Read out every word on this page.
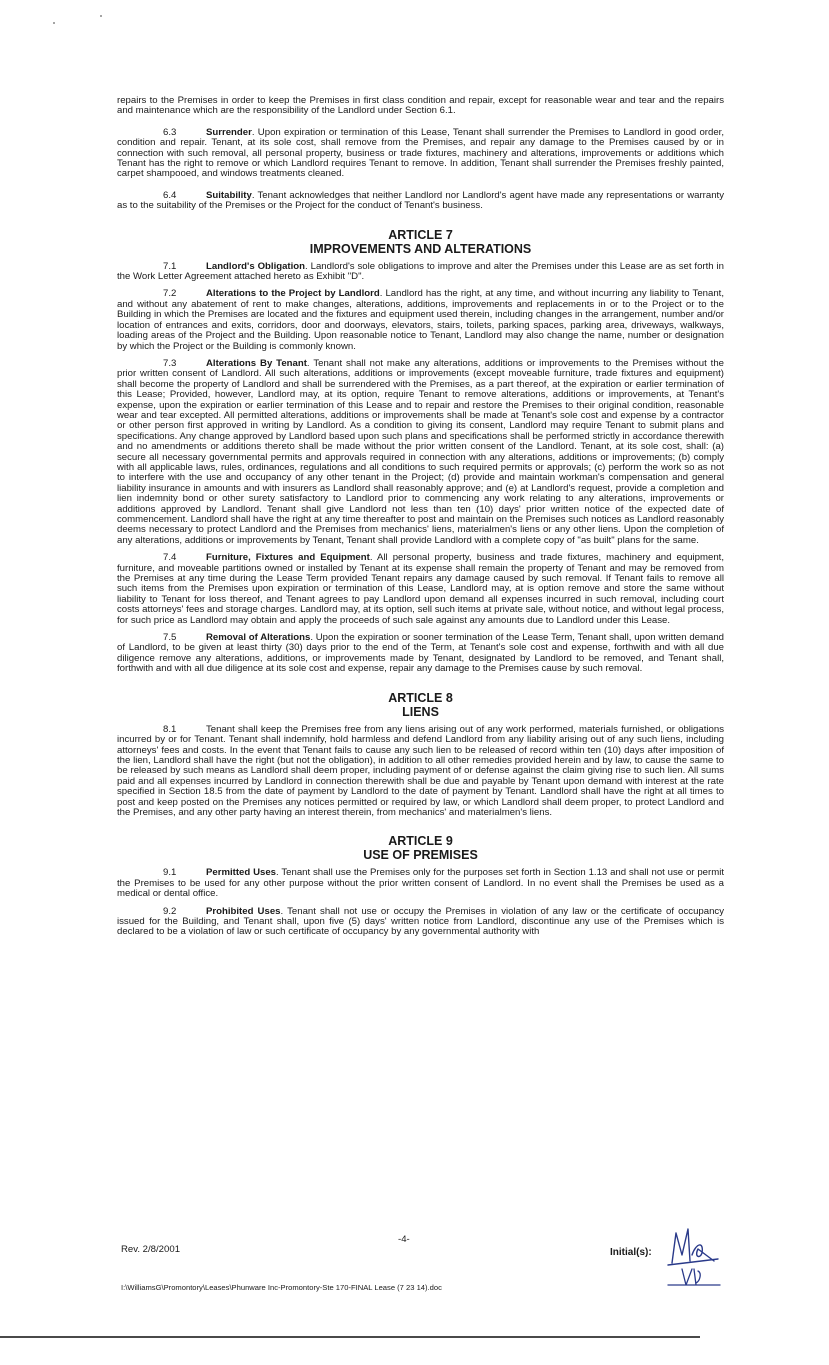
repairs to the Premises in order to keep the Premises in first class condition and repair, except for reasonable wear and tear and the repairs and maintenance which are the responsibility of the Landlord under Section 6.1.

6.3	Surrender. Upon expiration or termination of this Lease, Tenant shall surrender the Premises to Landlord in good order, condition and repair. Tenant, at its sole cost, shall remove from the Premises, and repair any damage to the Premises caused by or in connection with such removal, all personal property, business or trade fixtures, machinery and alterations, improvements or additions which Tenant has the right to remove or which Landlord requires Tenant to remove. In addition, Tenant shall surrender the Premises freshly painted, carpet shampooed, and windows treatments cleaned.

6.4	Suitability. Tenant acknowledges that neither Landlord nor Landlord's agent have made any representations or warranty as to the suitability of the Premises or the Project for the conduct of Tenant's business.

ARTICLE 7
IMPROVEMENTS AND ALTERATIONS

7.1	Landlord's Obligation. Landlord's sole obligations to improve and alter the Premises under this Lease are as set forth in the Work Letter Agreement attached hereto as Exhibit "D".

7.2	Alterations to the Project by Landlord. Landlord has the right, at any time, and without incurring any liability to Tenant, and without any abatement of rent to make changes, alterations, additions, improvements and replacements in or to the Project or to the Building in which the Premises are located and the fixtures and equipment used therein, including changes in the arrangement, number and/or location of entrances and exits, corridors, door and doorways, elevators, stairs, toilets, parking spaces, parking area, driveways, walkways, loading areas of the Project and the Building. Upon reasonable notice to Tenant, Landlord may also change the name, number or designation by which the Project or the Building is commonly known.

7.3	Alterations By Tenant. Tenant shall not make any alterations, additions or improvements to the Premises without the prior written consent of Landlord. All such alterations, additions or improvements (except moveable furniture, trade fixtures and equipment) shall become the property of Landlord and shall be surrendered with the Premises, as a part thereof, at the expiration or earlier termination of this Lease; Provided, however, Landlord may, at its option, require Tenant to remove alterations, additions or improvements, at Tenant's expense, upon the expiration or earlier termination of this Lease and to repair and restore the Premises to their original condition, reasonable wear and tear excepted. All permitted alterations, additions or improvements shall be made at Tenant's sole cost and expense by a contractor or other person first approved in writing by Landlord. As a condition to giving its consent, Landlord may require Tenant to submit plans and specifications. Any change approved by Landlord based upon such plans and specifications shall be performed strictly in accordance therewith and no amendments or additions thereto shall be made without the prior written consent of the Landlord. Tenant, at its sole cost, shall: (a) secure all necessary governmental permits and approvals required in connection with any alterations, additions or improvements; (b) comply with all applicable laws, rules, ordinances, regulations and all conditions to such required permits or approvals; (c) perform the work so as not to interfere with the use and occupancy of any other tenant in the Project; (d) provide and maintain workman's compensation and general liability insurance in amounts and with insurers as Landlord shall reasonably approve; and (e) at Landlord's request, provide a completion and lien indemnity bond or other surety satisfactory to Landlord prior to commencing any work relating to any alterations, improvements or additions approved by Landlord. Tenant shall give Landlord not less than ten (10) days' prior written notice of the expected date of commencement. Landlord shall have the right at any time thereafter to post and maintain on the Premises such notices as Landlord reasonably deems necessary to protect Landlord and the Premises from mechanics' liens, materialmen's liens or any other liens. Upon the completion of any alterations, additions or improvements by Tenant, Tenant shall provide Landlord with a complete copy of "as built" plans for the same.

7.4	Furniture, Fixtures and Equipment. All personal property, business and trade fixtures, machinery and equipment, furniture, and moveable partitions owned or installed by Tenant at its expense shall remain the property of Tenant and may be removed from the Premises at any time during the Lease Term provided Tenant repairs any damage caused by such removal. If Tenant fails to remove all such items from the Premises upon expiration or termination of this Lease, Landlord may, at is option remove and store the same without liability to Tenant for loss thereof, and Tenant agrees to pay Landlord upon demand all expenses incurred in such removal, including court costs attorneys' fees and storage charges. Landlord may, at its option, sell such items at private sale, without notice, and without legal process, for such price as Landlord may obtain and apply the proceeds of such sale against any amounts due to Landlord under this Lease.

7.5	Removal of Alterations. Upon the expiration or sooner termination of the Lease Term, Tenant shall, upon written demand of Landlord, to be given at least thirty (30) days prior to the end of the Term, at Tenant's sole cost and expense, forthwith and with all due diligence remove any alterations, additions, or improvements made by Tenant, designated by Landlord to be removed, and Tenant shall, forthwith and with all due diligence at its sole cost and expense, repair any damage to the Premises cause by such removal.

ARTICLE 8
LIENS

8.1	Tenant shall keep the Premises free from any liens arising out of any work performed, materials furnished, or obligations incurred by or for Tenant. Tenant shall indemnify, hold harmless and defend Landlord from any liability arising out of any such liens, including attorneys' fees and costs. In the event that Tenant fails to cause any such lien to be released of record within ten (10) days after imposition of the lien, Landlord shall have the right (but not the obligation), in addition to all other remedies provided herein and by law, to cause the same to be released by such means as Landlord shall deem proper, including payment of or defense against the claim giving rise to such lien. All sums paid and all expenses incurred by Landlord in connection therewith shall be due and payable by Tenant upon demand with interest at the rate specified in Section 18.5 from the date of payment by Landlord to the date of payment by Tenant. Landlord shall have the right at all times to post and keep posted on the Premises any notices permitted or required by law, or which Landlord shall deem proper, to protect Landlord and the Premises, and any other party having an interest therein, from mechanics' and materialmen's liens.

ARTICLE 9
USE OF PREMISES

9.1	Permitted Uses. Tenant shall use the Premises only for the purposes set forth in Section 1.13 and shall not use or permit the Premises to be used for any other purpose without the prior written consent of Landlord. In no event shall the Premises be used as a medical or dental office.

9.2	Prohibited Uses. Tenant shall not use or occupy the Premises in violation of any law or the certificate of occupancy issued for the Building, and Tenant shall, upon five (5) days' written notice from Landlord, discontinue any use of the Premises which is declared to be a violation of law or such certificate of occupancy by any governmental authority with

-4-
Rev. 2/8/2001	Initial(s):
I:\WilliamsG\Promontory\Leases\Phunware Inc-Promontory-Ste 170-FINAL Lease (7 23 14).doc
